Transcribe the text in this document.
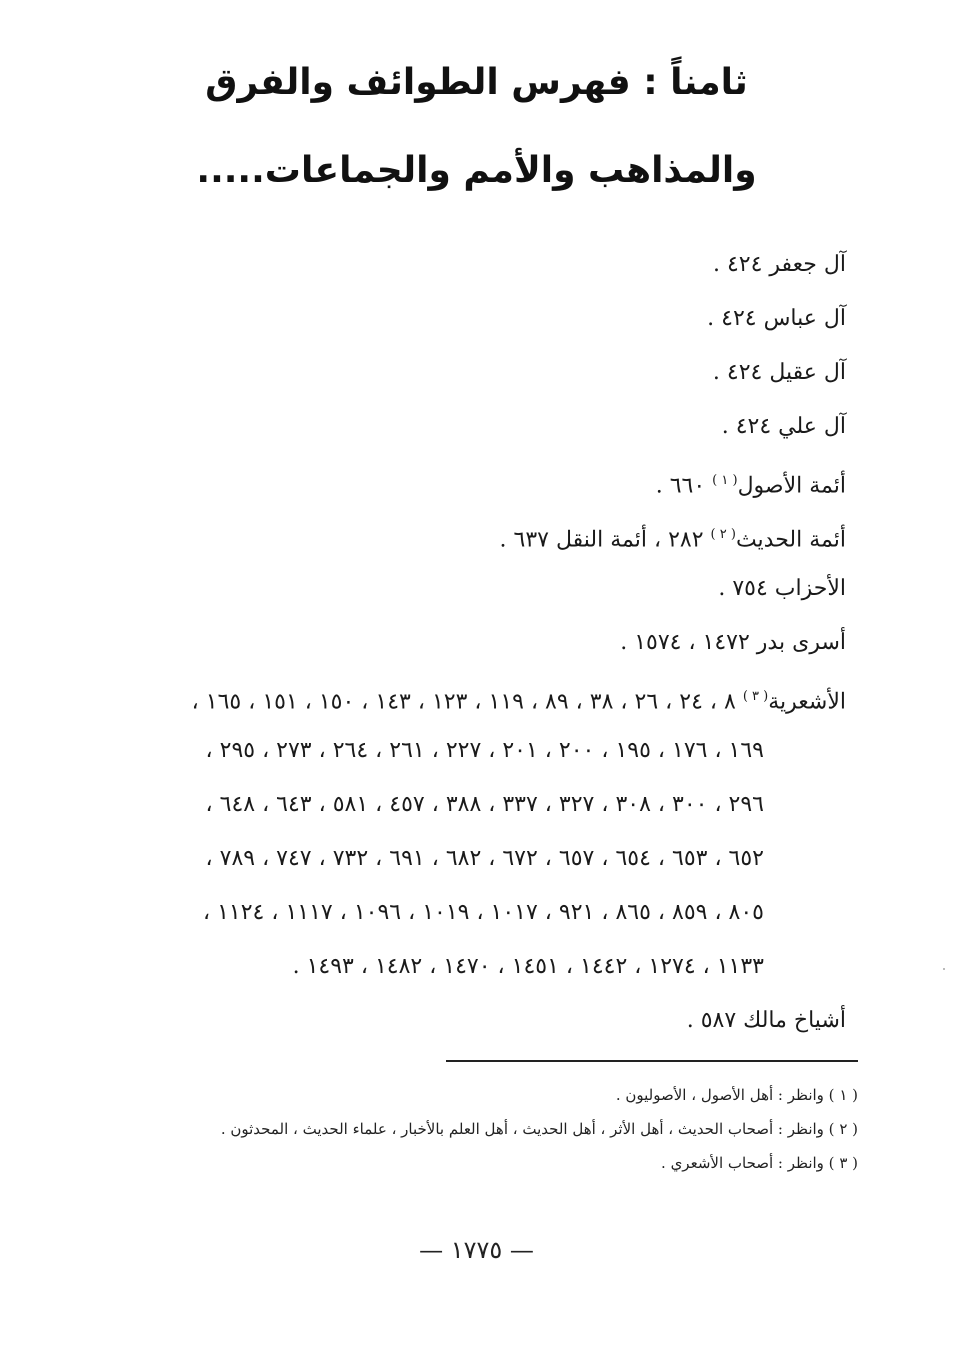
ثامناً : فهرس الطوائف والفرق
والمذاهب والأمم والجماعات.....
آل جعفر ٤٢٤ .
آل عباس ٤٢٤ .
آل عقيل ٤٢٤ .
آل علي ٤٢٤ .
أئمة الأصول$^{( ١ )}$ ٦٦٠ .
أئمة الحديث$^{( ٢ )}$ ٢٨٢ ، أئمة النقل ٦٣٧ .
الأحزاب ٧٥٤ .
أسرى بدر ١٤٧٢ ، ١٥٧٤ .
الأشعرية$^{( ٣ )}$ ٨ ، ٢٤ ، ٢٦ ، ٣٨ ، ٨٩ ، ١١٩ ، ١٢٣ ، ١٤٣ ، ١٥٠ ، ١٥١ ، ١٦٥ ،
١٦٩ ، ١٧٦ ، ١٩٥ ، ٢٠٠ ، ٢٠١ ، ٢٢٧ ، ٢٦١ ، ٢٦٤ ، ٢٧٣ ، ٢٩٥ ،
٢٩٦ ، ٣٠٠ ، ٣٠٨ ، ٣٢٧ ، ٣٣٧ ، ٣٨٨ ، ٤٥٧ ، ٥٨١ ، ٦٤٣ ، ٦٤٨ ،
٦٥٢ ، ٦٥٣ ، ٦٥٤ ، ٦٥٧ ، ٦٧٢ ، ٦٨٢ ، ٦٩١ ، ٧٣٢ ، ٧٤٧ ، ٧٨٩ ،
٨٠٥ ، ٨٥٩ ، ٨٦٥ ، ٩٢١ ، ١٠١٧ ، ١٠١٩ ، ١٠٩٦ ، ١١١٧ ، ١١٢٤ ،
١١٣٣ ، ١٢٧٤ ، ١٤٤٢ ، ١٤٥١ ، ١٤٧٠ ، ١٤٨٢ ، ١٤٩٣ .
أشياخ مالك ٥٨٧ .
( ١ ) وانظر : أهل الأصول ، الأصوليون .
( ٢ ) وانظر : أصحاب الحديث ، أهل الأثر ، أهل الحديث ، أهل العلم بالأخبار ، علماء الحديث ، المحدثون .
( ٣ ) وانظر : أصحاب الأشعري .
— ١٧٧٥ —
